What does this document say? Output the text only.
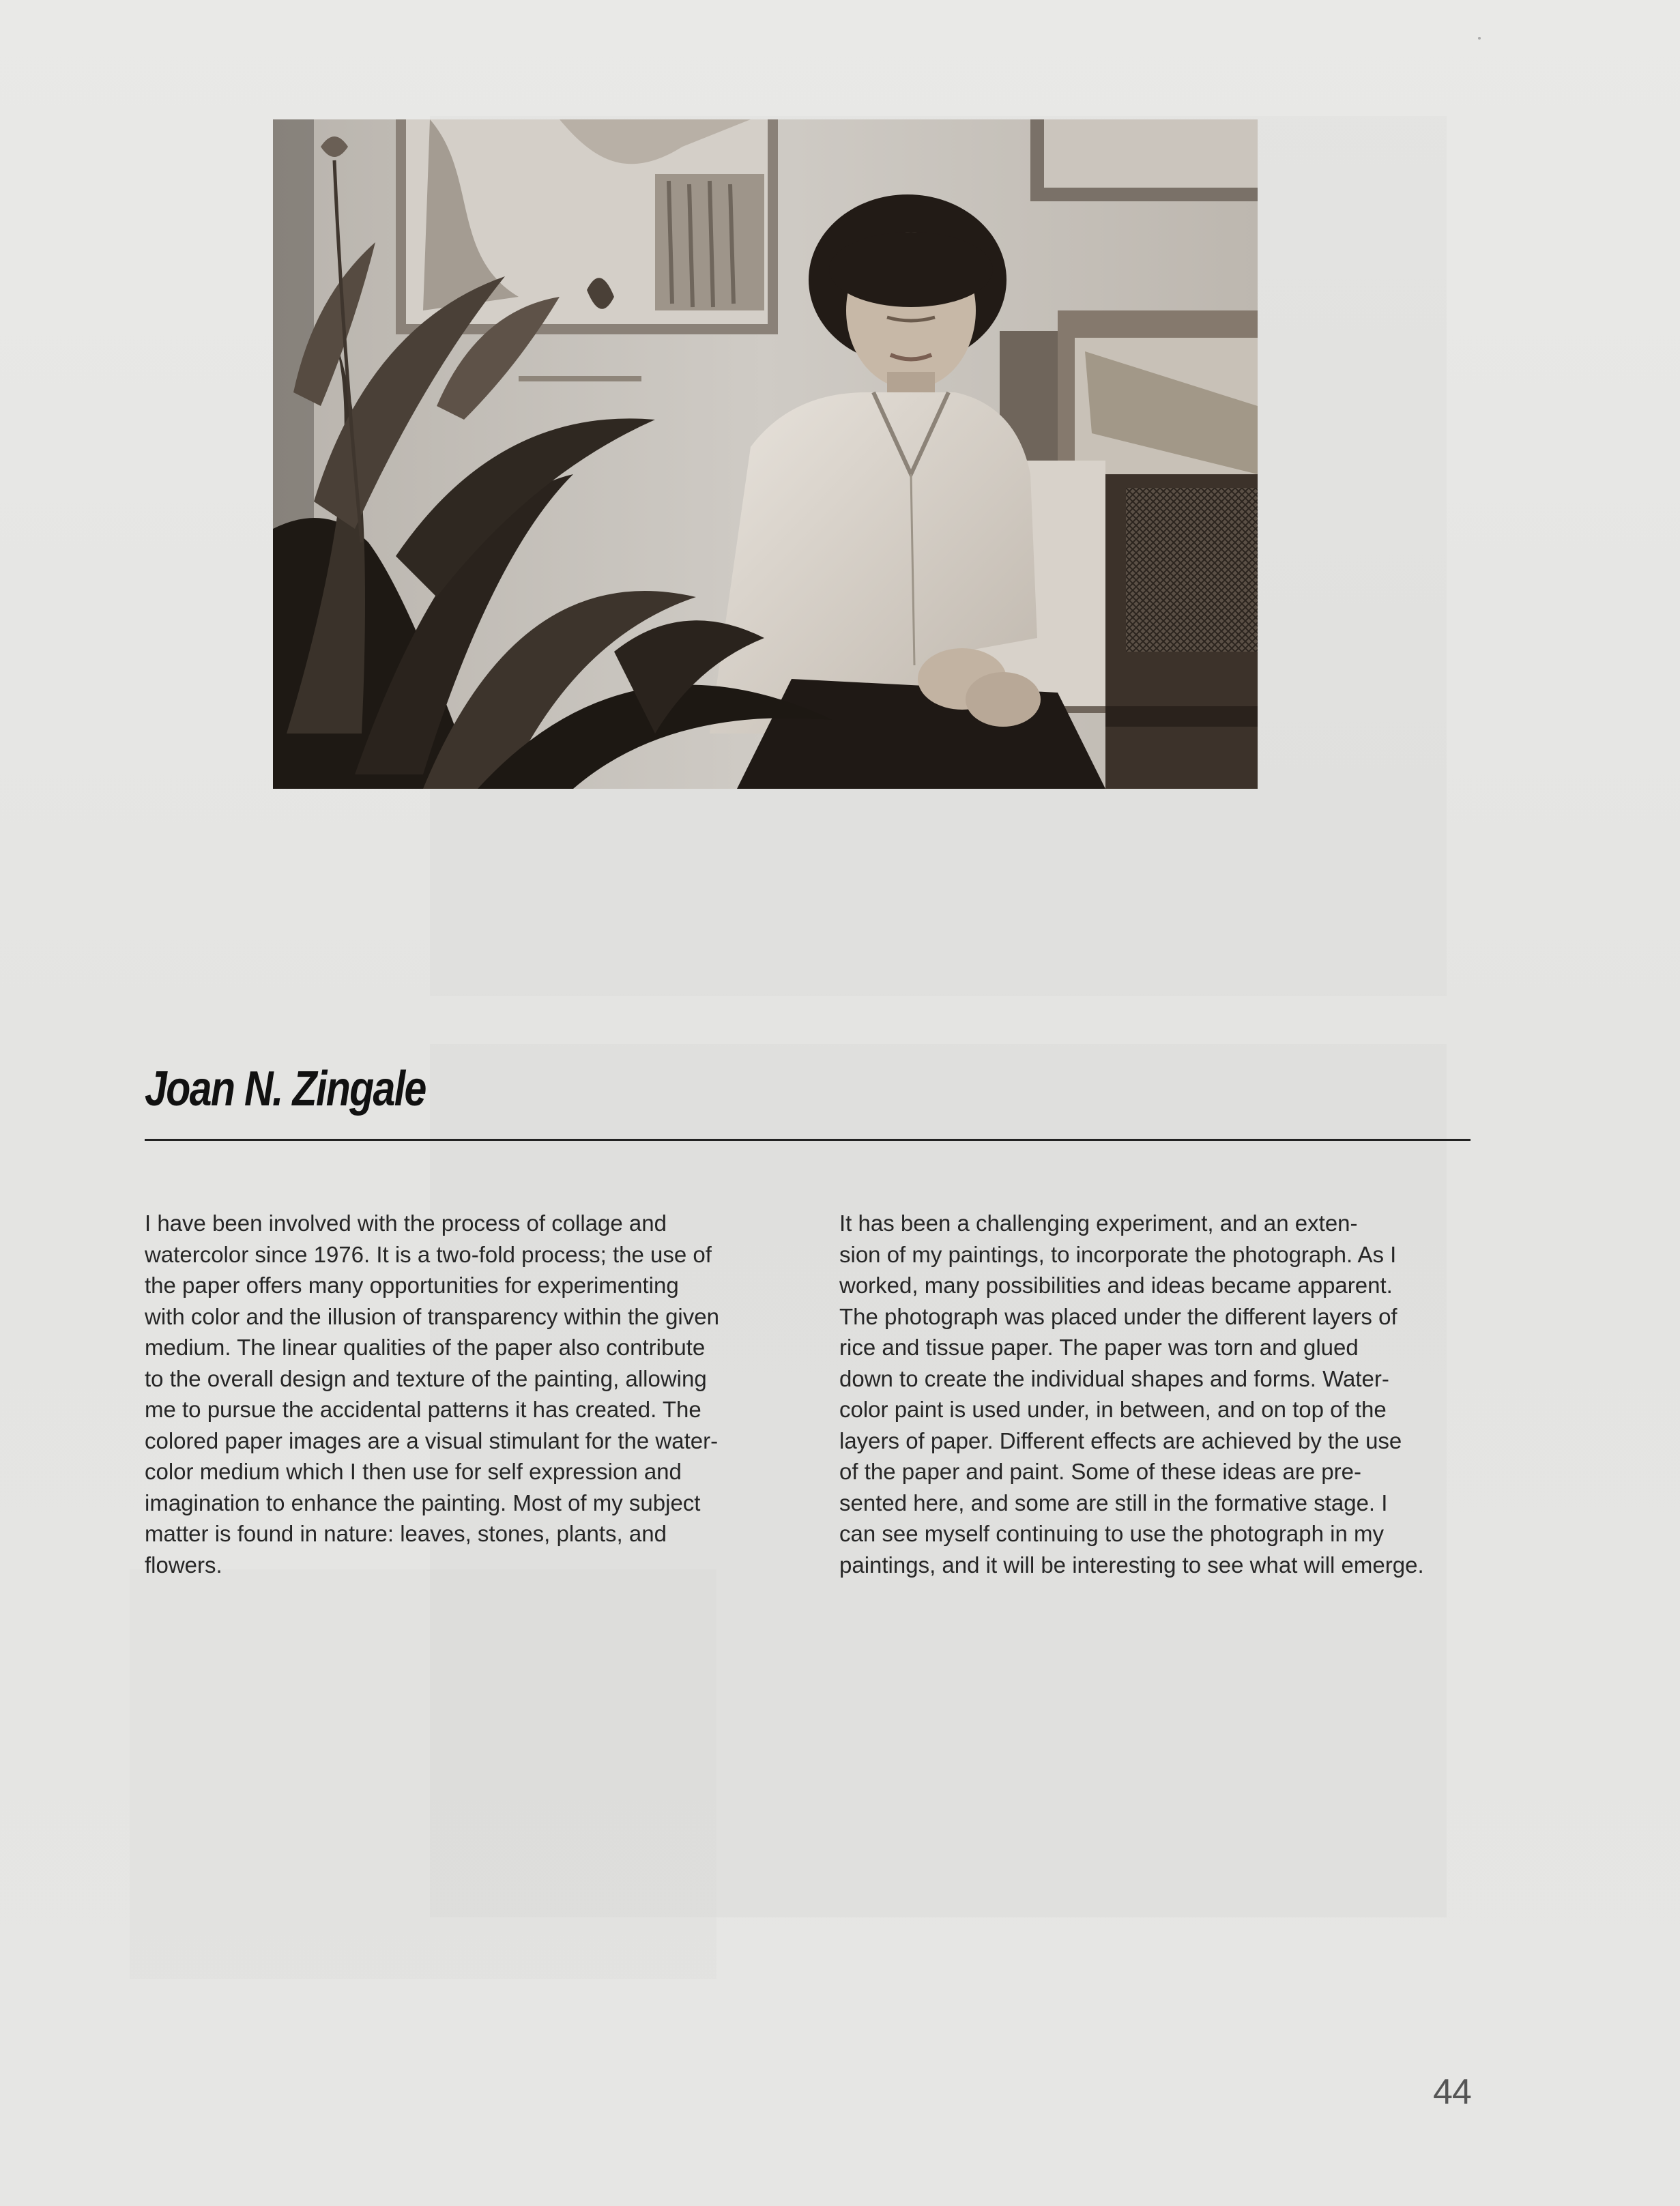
Joan N. Zingale

I have been involved with the process of collage and
watercolor since 1976. It is a two-fold process; the use of
the paper offers many opportunities for experimenting
with color and the illusion of transparency within the given
medium. The linear qualities of the paper also contribute
to the overall design and texture of the painting, allowing
me to pursue the accidental patterns it has created. The
colored paper images are a visual stimulant for the water-
color medium which I then use for self expression and
imagination to enhance the painting. Most of my subject
matter is found in nature: leaves, stones, plants, and
flowers.

It has been a challenging experiment, and an exten-
sion of my paintings, to incorporate the photograph. As I
worked, many possibilities and ideas became apparent.
The photograph was placed under the different layers of
rice and tissue paper. The paper was torn and glued
down to create the individual shapes and forms. Water-
color paint is used under, in between, and on top of the
layers of paper. Different effects are achieved by the use
of the paper and paint. Some of these ideas are pre-
sented here, and some are still in the formative stage. I
can see myself continuing to use the photograph in my
paintings, and it will be interesting to see what will emerge.

44
